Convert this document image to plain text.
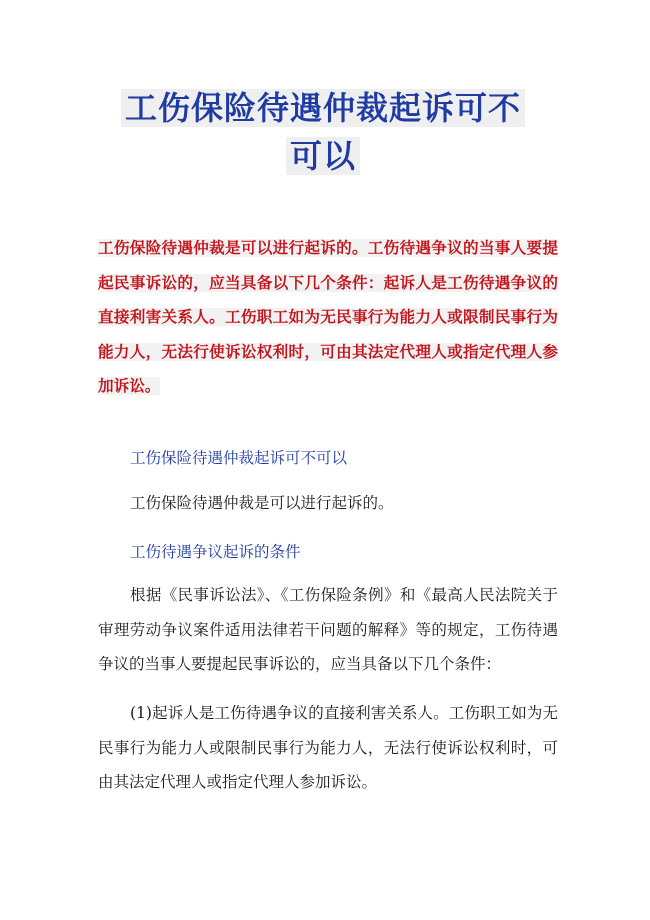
工伤保险待遇仲裁起诉可不可以
工伤保险待遇仲裁是可以进行起诉的。工伤待遇争议的当事人要提起民事诉讼的，应当具备以下几个条件：起诉人是工伤待遇争议的直接利害关系人。工伤职工如为无民事行为能力人或限制民事行为能力人，无法行使诉讼权利时，可由其法定代理人或指定代理人参加诉讼。
工伤保险待遇仲裁起诉可不可以
工伤保险待遇仲裁是可以进行起诉的。
工伤待遇争议起诉的条件
根据《民事诉讼法》、《工伤保险条例》和《最高人民法院关于审理劳动争议案件适用法律若干问题的解释》等的规定，工伤待遇争议的当事人要提起民事诉讼的，应当具备以下几个条件：
(1)起诉人是工伤待遇争议的直接利害关系人。工伤职工如为无民事行为能力人或限制民事行为能力人，无法行使诉讼权利时，可由其法定代理人或指定代理人参加诉讼。
